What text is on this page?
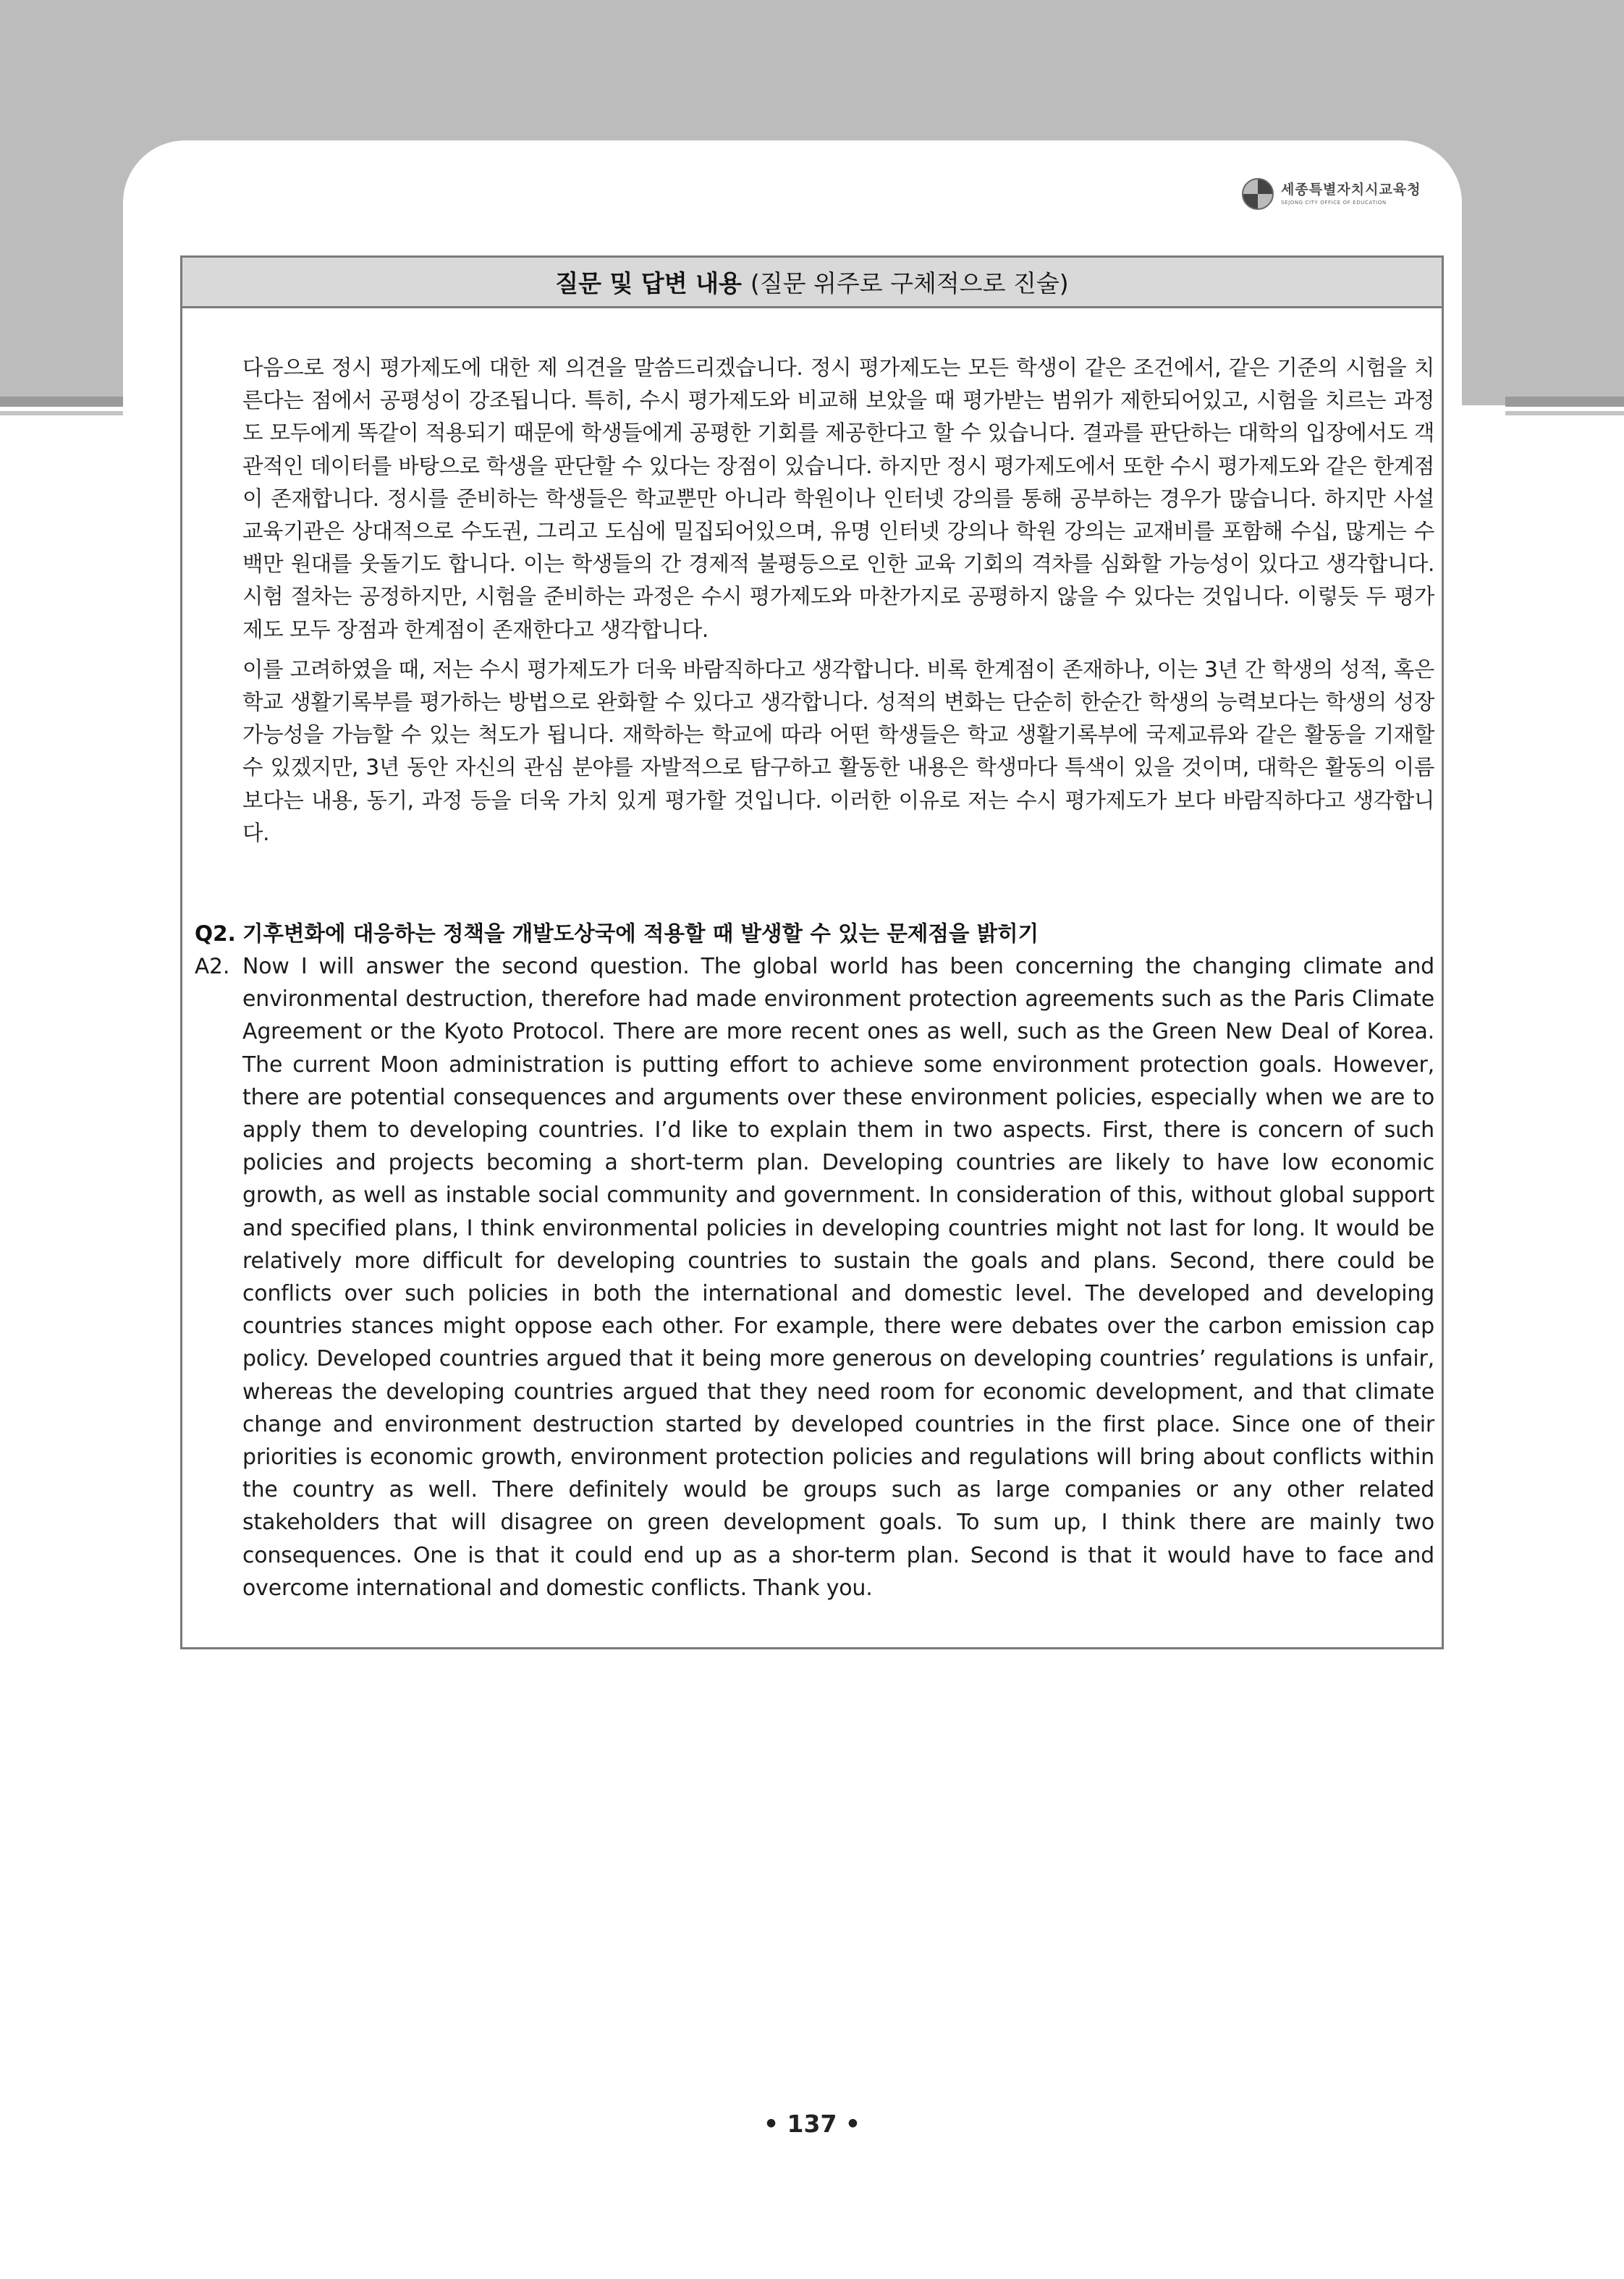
세종특별자치시교육청
SEJONG CITY OFFICE OF EDUCATION
질문 및 답변 내용 (질문 위주로 구체적으로 진술)

다음으로 정시 평가제도에 대한 제 의견을 말씀드리겠습니다. 정시 평가제도는 모든 학생이 같은 조건에서, 같은 기준의 시험을 치른다는 점에서 공평성이 강조됩니다. 특히, 수시 평가제도와 비교해 보았을 때 평가받는 범위가 제한되어있고, 시험을 치르는 과정도 모두에게 똑같이 적용되기 때문에 학생들에게 공평한 기회를 제공한다고 할 수 있습니다. 결과를 판단하는 대학의 입장에서도 객관적인 데이터를 바탕으로 학생을 판단할 수 있다는 장점이 있습니다. 하지만 정시 평가제도에서 또한 수시 평가제도와 같은 한계점이 존재합니다. 정시를 준비하는 학생들은 학교뿐만 아니라 학원이나 인터넷 강의를 통해 공부하는 경우가 많습니다. 하지만 사설 교육기관은 상대적으로 수도권, 그리고 도심에 밀집되어있으며, 유명 인터넷 강의나 학원 강의는 교재비를 포함해 수십, 많게는 수백만 원대를 웃돌기도 합니다. 이는 학생들의 간 경제적 불평등으로 인한 교육 기회의 격차를 심화할 가능성이 있다고 생각합니다. 시험 절차는 공정하지만, 시험을 준비하는 과정은 수시 평가제도와 마찬가지로 공평하지 않을 수 있다는 것입니다. 이렇듯 두 평가제도 모두 장점과 한계점이 존재한다고 생각합니다.

이를 고려하였을 때, 저는 수시 평가제도가 더욱 바람직하다고 생각합니다. 비록 한계점이 존재하나, 이는 3년 간 학생의 성적, 혹은 학교 생활기록부를 평가하는 방법으로 완화할 수 있다고 생각합니다. 성적의 변화는 단순히 한순간 학생의 능력보다는 학생의 성장 가능성을 가늠할 수 있는 척도가 됩니다. 재학하는 학교에 따라 어떤 학생들은 학교 생활기록부에 국제교류와 같은 활동을 기재할 수 있겠지만, 3년 동안 자신의 관심 분야를 자발적으로 탐구하고 활동한 내용은 학생마다 특색이 있을 것이며, 대학은 활동의 이름보다는 내용, 동기, 과정 등을 더욱 가치 있게 평가할 것입니다. 이러한 이유로 저는 수시 평가제도가 보다 바람직하다고 생각합니다.

Q2. 기후변화에 대응하는 정책을 개발도상국에 적용할 때 발생할 수 있는 문제점을 밝히기
A2. Now I will answer the second question. The global world has been concerning the changing climate and environmental destruction, therefore had made environment protection agreements such as the Paris Climate Agreement or the Kyoto Protocol. There are more recent ones as well, such as the Green New Deal of Korea. The current Moon administration is putting effort to achieve some environment protection goals. However, there are potential consequences and arguments over these environment policies, especially when we are to apply them to developing countries. I’d like to explain them in two aspects. First, there is concern of such policies and projects becoming a short-term plan. Developing countries are likely to have low economic growth, as well as instable social community and government. In consideration of this, without global support and specified plans, I think environmental policies in developing countries might not last for long. It would be relatively more difficult for developing countries to sustain the goals and plans. Second, there could be conflicts over such policies in both the international and domestic level. The developed and developing countries stances might oppose each other. For example, there were debates over the carbon emission cap policy. Developed countries argued that it being more generous on developing countries’ regulations is unfair, whereas the developing countries argued that they need room for economic development, and that climate change and environment destruction started by developed countries in the first place. Since one of their priorities is economic growth, environment protection policies and regulations will bring about conflicts within the country as well. There definitely would be groups such as large companies or any other related stakeholders that will disagree on green development goals. To sum up, I think there are mainly two consequences. One is that it could end up as a shor-term plan. Second is that it would have to face and overcome international and domestic conflicts. Thank you.

• 137 •
